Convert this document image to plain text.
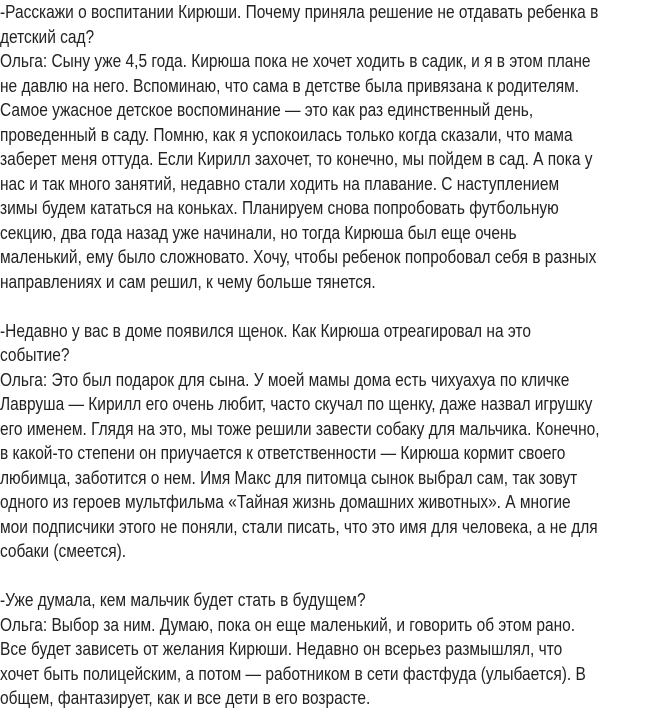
-Расскажи о воспитании Кирюши. Почему приняла решение не отдавать ребенка в
детский сад?
Ольга: Сыну уже 4,5 года. Кирюша пока не хочет ходить в садик, и я в этом плане
не давлю на него. Вспоминаю, что сама в детстве была привязана к родителям.
Самое ужасное детское воспоминание — это как раз единственный день,
проведенный в саду. Помню, как я успокоилась только когда сказали, что мама
заберет меня оттуда. Если Кирилл захочет, то конечно, мы пойдем в сад. А пока у
нас и так много занятий, недавно стали ходить на плавание. С наступлением
зимы будем кататься на коньках. Планируем снова попробовать футбольную
секцию, два года назад уже начинали, но тогда Кирюша был еще очень
маленький, ему было сложновато. Хочу, чтобы ребенок попробовал себя в разных
направлениях и сам решил, к чему больше тянется.
-Недавно у вас в доме появился щенок. Как Кирюша отреагировал на это
событие?
Ольга: Это был подарок для сына. У моей мамы дома есть чихуахуа по кличке
Лавруша — Кирилл его очень любит, часто скучал по щенку, даже назвал игрушку
его именем. Глядя на это, мы тоже решили завести собаку для мальчика. Конечно,
в какой-то степени он приучается к ответственности — Кирюша кормит своего
любимца, заботится о нем. Имя Макс для питомца сынок выбрал сам, так зовут
одного из героев мультфильма «Тайная жизнь домашних животных». А многие
мои подписчики этого не поняли, стали писать, что это имя для человека, а не для
собаки (смеется).
-Уже думала, кем мальчик будет стать в будущем?
Ольга: Выбор за ним. Думаю, пока он еще маленький, и говорить об этом рано.
Все будет зависеть от желания Кирюши. Недавно он всерьез размышлял, что
хочет быть полицейским, а потом — работником в сети фастфуда (улыбается). В
общем, фантазирует, как и все дети в его возрасте.
